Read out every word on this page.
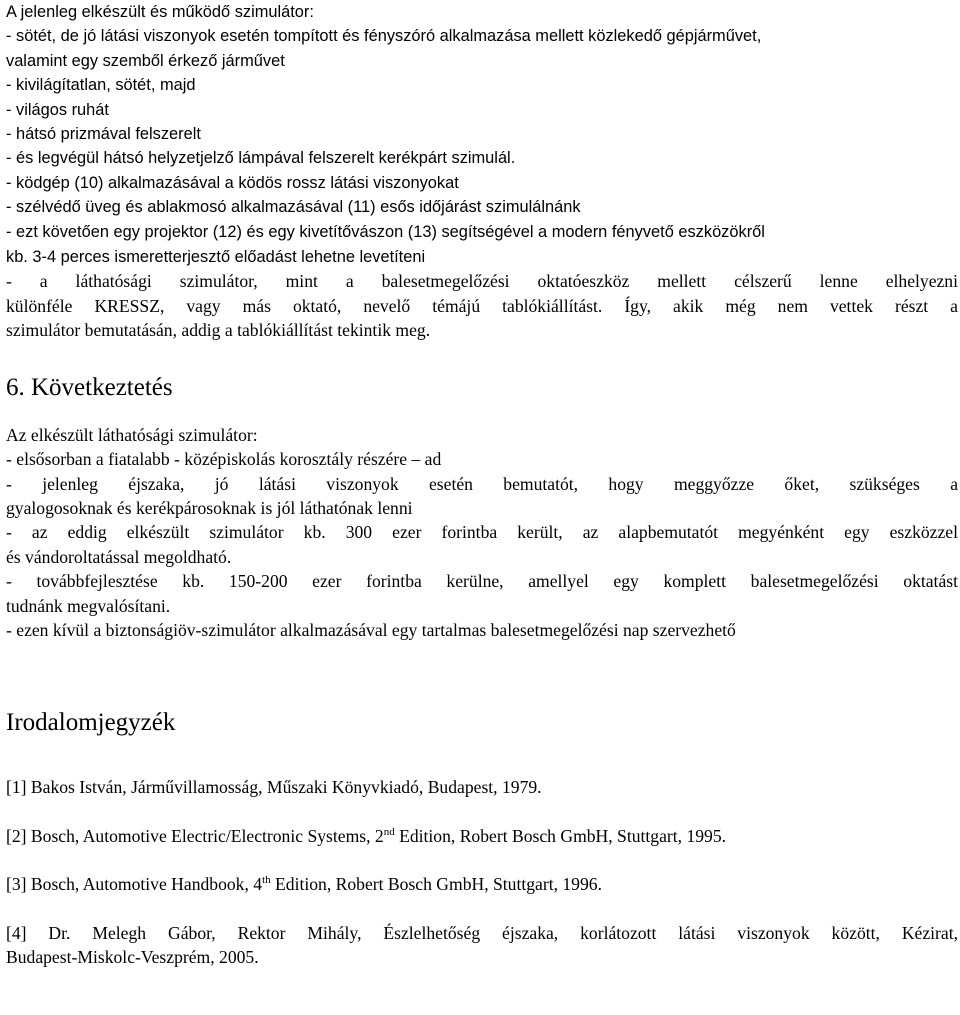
A jelenleg elkészült és működő szimulátor:
- sötét, de jó látási viszonyok esetén tompított és fényszóró alkalmazása mellett közlekedő gépjárművet,
valamint egy szemből érkező járművet
- kivilágítatlan, sötét, majd
- világos ruhát
- hátsó prizmával felszerelt
- és legvégül hátsó helyzetjelző lámpával felszerelt kerékpárt szimulál.
- ködgép (10) alkalmazásával a ködös rossz látási viszonyokat
- szélvédő üveg és ablakmosó alkalmazásával (11) esős időjárást szimulálnánk
- ezt követően egy projektor (12) és egy kivetítővászon (13) segítségével a modern fényvető eszközökről
kb. 3-4 perces ismeretterjesztő előadást lehetne levetíteni
- a láthatósági szimulátor, mint a balesetmegelőzési oktatóeszköz mellett célszerű lenne elhelyezni
különféle KRESSZ, vagy más oktató, nevelő témájú tablókiállítást. Így, akik még nem vettek részt a
szimulátor bemutatásán, addig a tablókiállítást tekintik meg.
6. Következtetés
Az elkészült láthatósági szimulátor:
- elsősorban a fiatalabb - középiskolás korosztály részére – ad
- jelenleg éjszaka, jó látási viszonyok esetén bemutatót, hogy meggyőzze őket, szükséges a
gyalogosoknak és kerékpárosoknak is jól láthatónak lenni
- az eddig elkészült szimulátor kb. 300 ezer forintba került, az alapbemutatót megyénként egy eszközzel
és vándoroltatással megoldható.
- továbbfejlesztése kb. 150-200 ezer forintba kerülne, amellyel egy komplett balesetmegelőzési oktatást
tudnánk megvalósítani.
- ezen kívül a biztonságiöv-szimulátor alkalmazásával egy tartalmas balesetmegelőzési nap szervezhető
Irodalomjegyzék
[1] Bakos István, Járművillamosság, Műszaki Könyvkiadó, Budapest, 1979.
[2] Bosch, Automotive Electric/Electronic Systems, 2nd Edition, Robert Bosch GmbH, Stuttgart, 1995.
[3] Bosch, Automotive Handbook, 4th Edition, Robert Bosch GmbH, Stuttgart, 1996.
[4] Dr. Melegh Gábor, Rektor Mihály, Észlelhetőség éjszaka, korlátozott látási viszonyok között, Kézirat,
Budapest-Miskolc-Veszprém, 2005.
